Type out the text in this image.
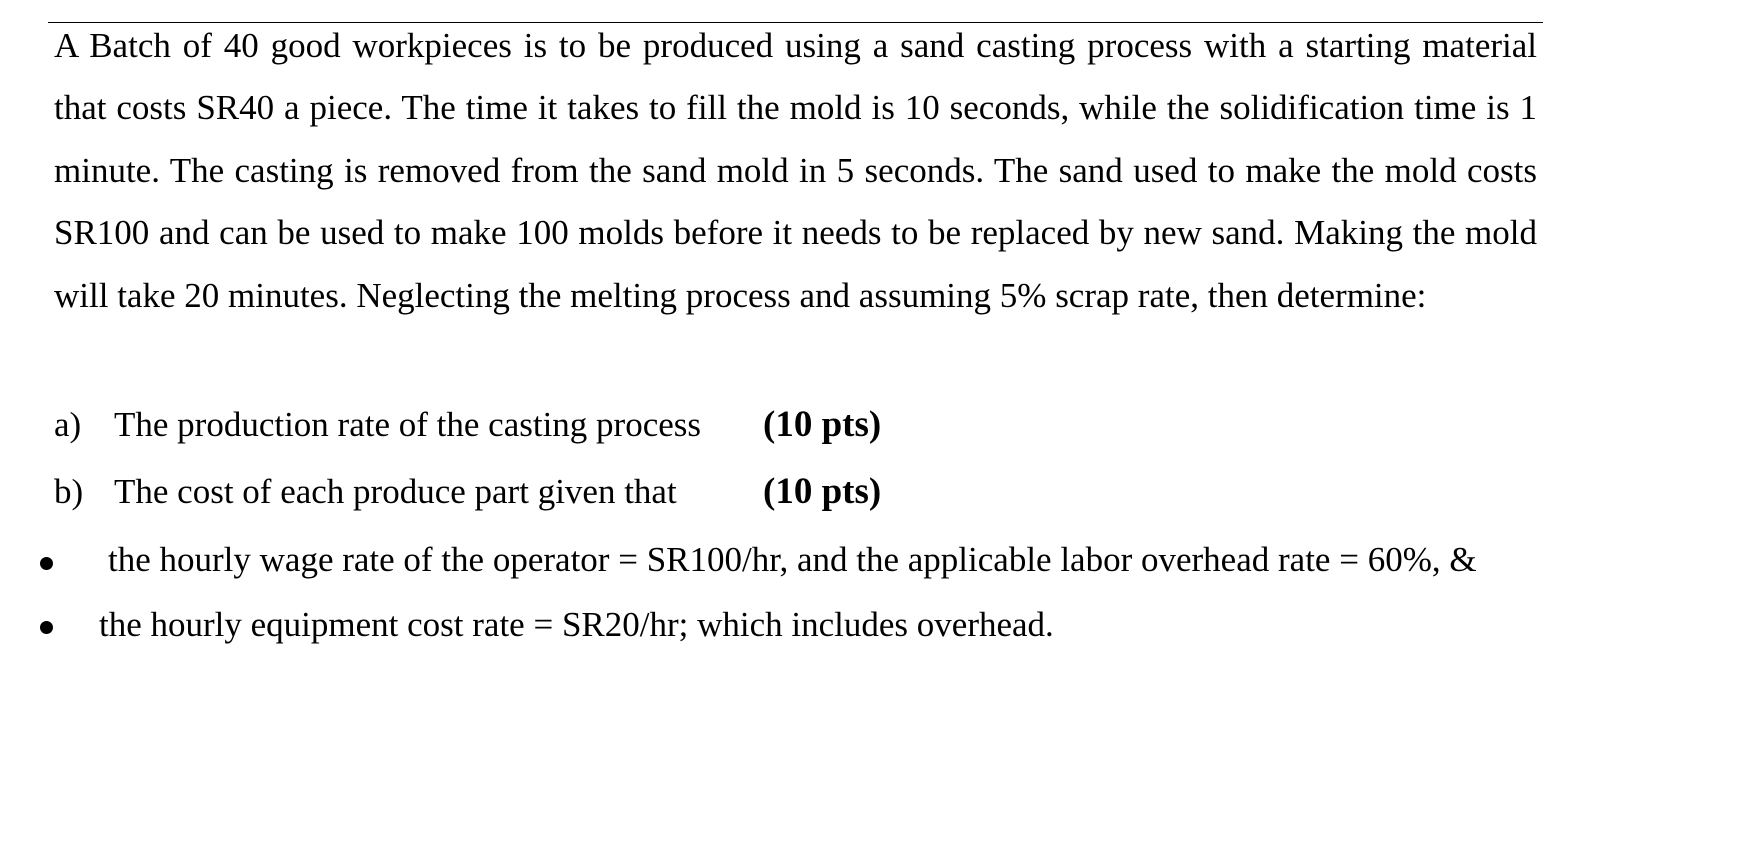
A Batch of 40 good workpieces is to be produced using a sand casting process with a starting material that costs SR40 a piece. The time it takes to fill the mold is 10 seconds, while the solidification time is 1 minute. The casting is removed from the sand mold in 5 seconds. The sand used to make the mold costs SR100 and can be used to make 100 molds before it needs to be replaced by new sand. Making the mold will take 20 minutes. Neglecting the melting process and assuming 5% scrap rate, then determine:

a) The production rate of the casting process (10 pts)
b) The cost of each produce part given that (10 pts)
the hourly wage rate of the operator = SR100/hr, and the applicable labor overhead rate = 60%, &
the hourly equipment cost rate = SR20/hr; which includes overhead.
